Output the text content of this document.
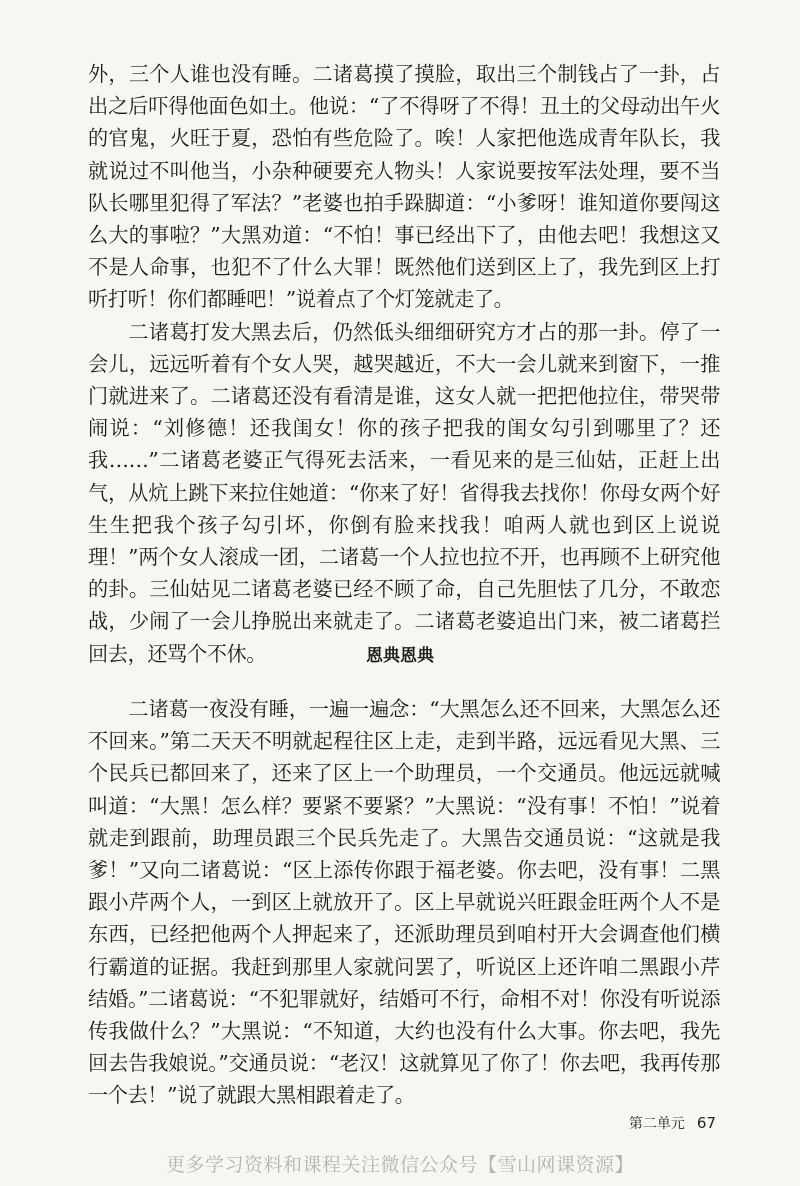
外，三个人谁也没有睡。二诸葛摸了摸脸，取出三个制钱占了一卦，占出之后吓得他面色如土。他说：“了不得呀了不得！丑土的父母动出午火的官鬼，火旺于夏，恐怕有些危险了。唉！人家把他选成青年队长，我就说过不叫他当，小杂种硬要充人物头！人家说要按军法处理，要不当队长哪里犯得了军法？”老婆也拍手跺脚道：“小爹呀！谁知道你要闯这么大的事啦？”大黑劝道：“不怕！事已经出下了，由他去吧！我想这又不是人命事，也犯不了什么大罪！既然他们送到区上了，我先到区上打听打听！你们都睡吧！”说着点了个灯笼就走了。

二诸葛打发大黑去后，仍然低头细细研究方才占的那一卦。停了一会儿，远远听着有个女人哭，越哭越近，不大一会儿就来到窗下，一推门就进来了。二诸葛还没有看清是谁，这女人就一把把他拉住，带哭带闹说：“刘修德！还我闺女！你的孩子把我的闺女勾引到哪里了？还我……”二诸葛老婆正气得死去活来，一看见来的是三仙姑，正赶上出气，从炕上跳下来拉住她道：“你来了好！省得我去找你！你母女两个好生生把我个孩子勾引坏，你倒有脸来找我！咱两人就也到区上说说理！”两个女人滚成一团，二诸葛一个人拉也拉不开，也再顾不上研究他的卦。三仙姑见二诸葛老婆已经不顾了命，自己先胆怯了几分，不敢恋战，少闹了一会儿挣脱出来就走了。二诸葛老婆追出门来，被二诸葛拦回去，还骂个不休。	恩典恩典

二诸葛一夜没有睡，一遍一遍念：“大黑怎么还不回来，大黑怎么还不回来。”第二天天不明就起程往区上走，走到半路，远远看见大黑、三个民兵已都回来了，还来了区上一个助理员，一个交通员。他远远就喊叫道：“大黑！怎么样？要紧不要紧？”大黑说：“没有事！不怕！”说着就走到跟前，助理员跟三个民兵先走了。大黑告交通员说：“这就是我爹！”又向二诸葛说：“区上添传你跟于福老婆。你去吧，没有事！二黑跟小芹两个人，一到区上就放开了。区上早就说兴旺跟金旺两个人不是东西，已经把他两个人押起来了，还派助理员到咱村开大会调查他们横行霸道的证据。我赶到那里人家就问罢了，听说区上还许咱二黑跟小芹结婚。”二诸葛说：“不犯罪就好，结婚可不行，命相不对！你没有听说添传我做什么？”大黑说：“不知道，大约也没有什么大事。你去吧，我先回去告我娘说。”交通员说：“老汉！这就算见了你了！你去吧，我再传那一个去！”说了就跟大黑相跟着走了。

第二单元 67
更多学习资料和课程关注微信公众号【雪山网课资源】
